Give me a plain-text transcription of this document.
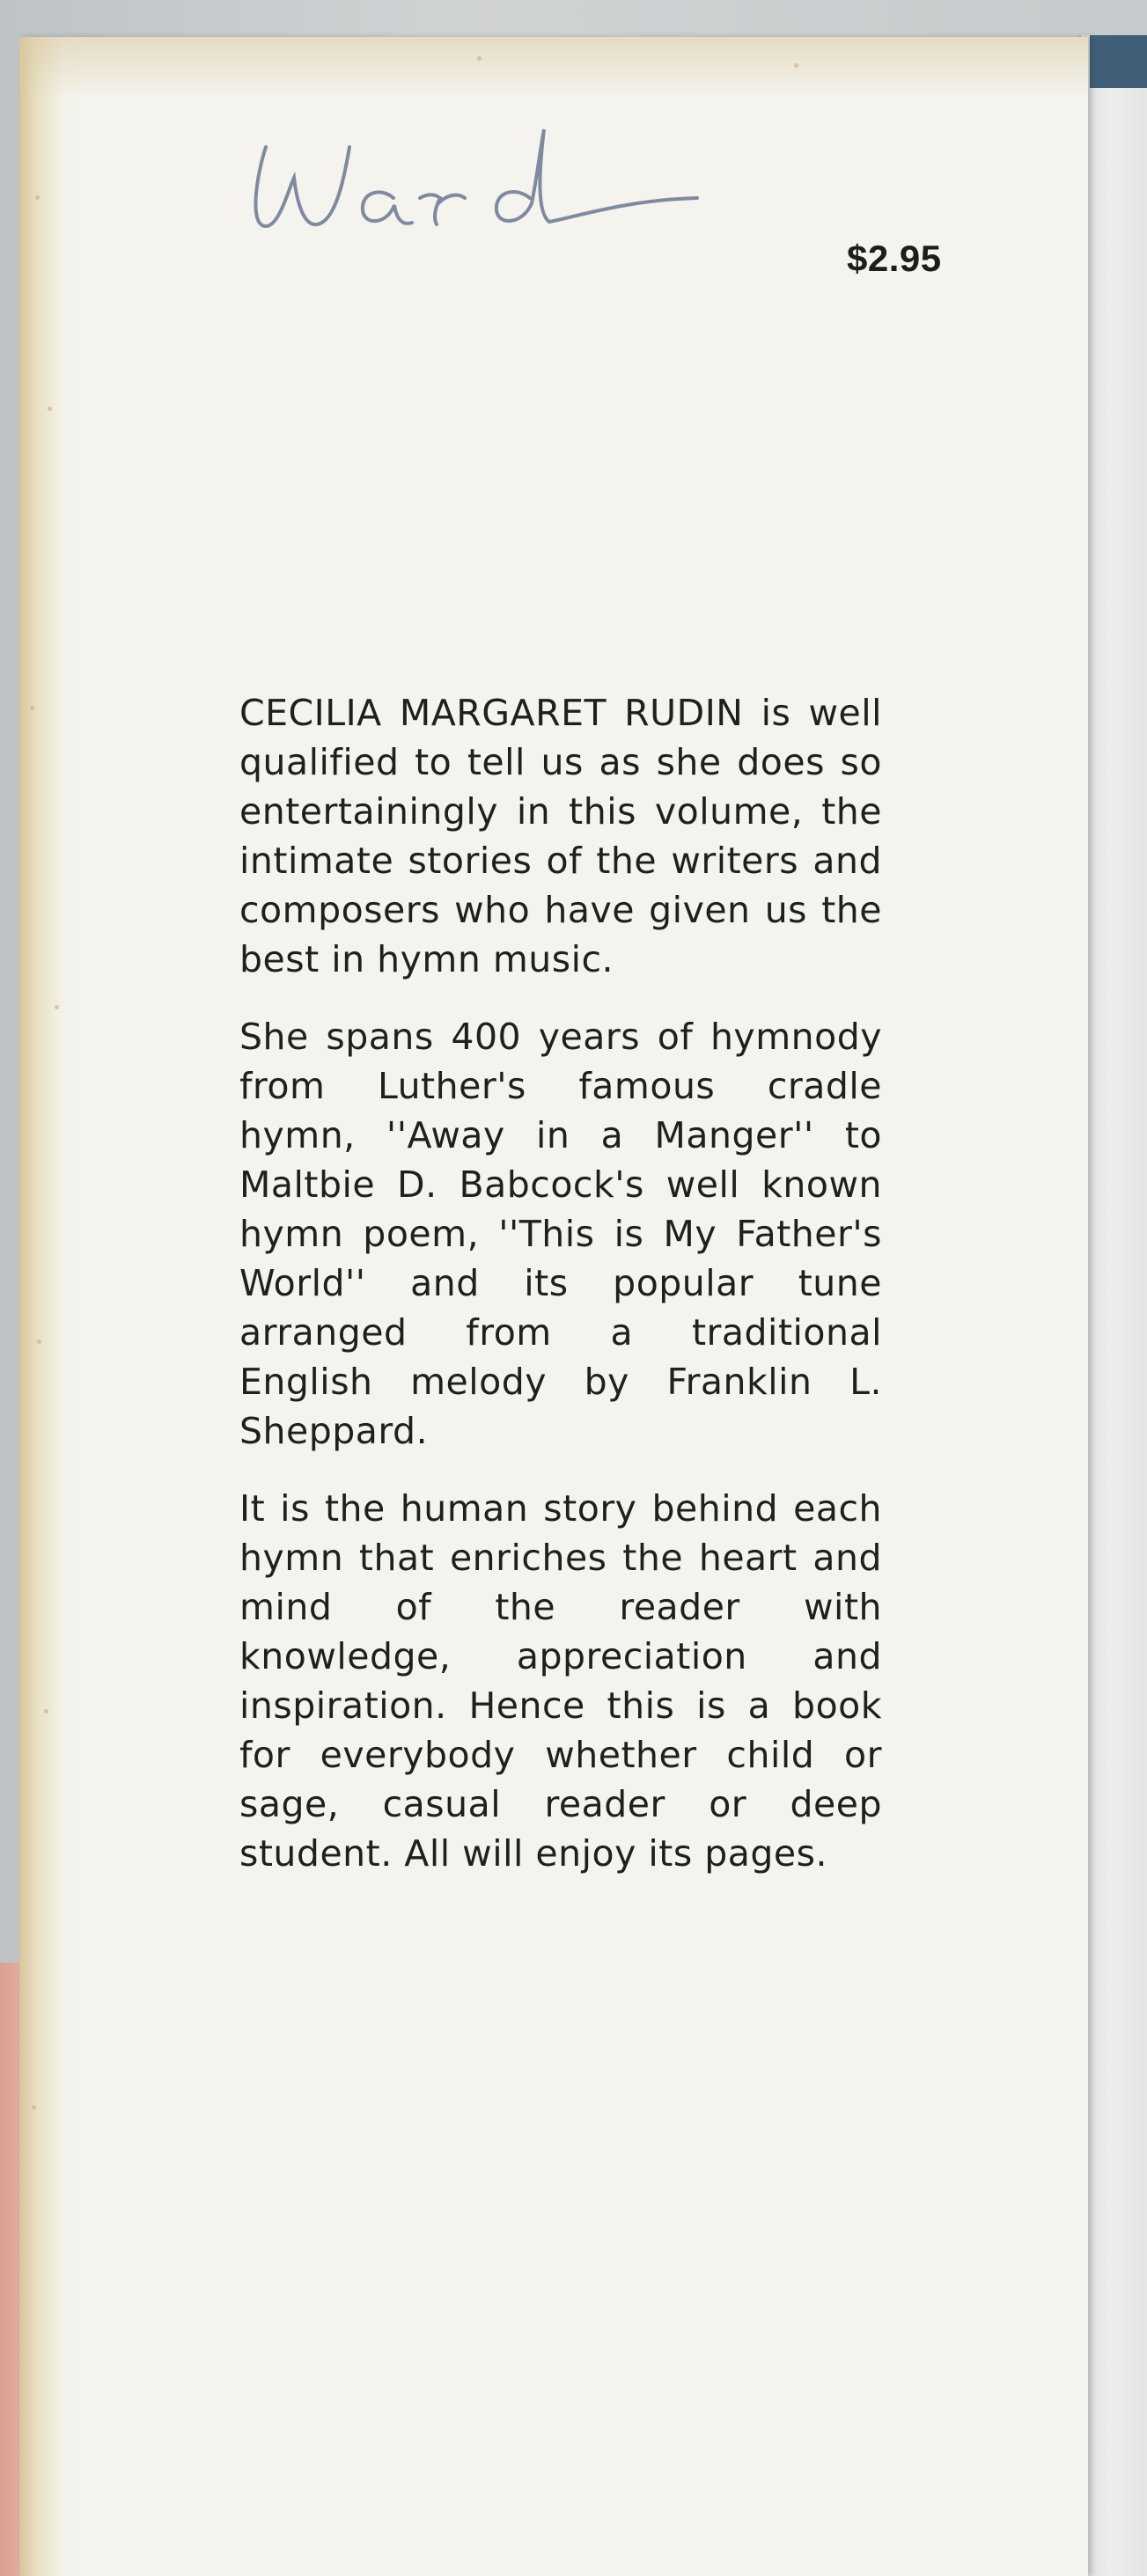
$2.95

CECILIA MARGARET RUDIN is well qualified to tell us as she does so entertainingly in this volume, the intimate stories of the writers and composers who have given us the best in hymn music.

She spans 400 years of hymnody from Luther's famous cradle hymn, ''Away in a Manger'' to Maltbie D. Babcock's well known hymn poem, ''This is My Father's World'' and its popular tune arranged from a traditional English melody by Franklin L. Sheppard.

It is the human story behind each hymn that enriches the heart and mind of the reader with knowledge, appreciation and inspiration. Hence this is a book for everybody whether child or sage, casual reader or deep student. All will enjoy its pages.
